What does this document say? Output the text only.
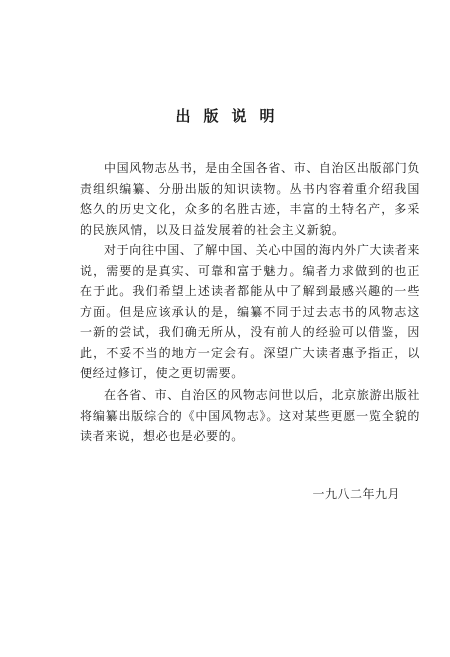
出版说明

中国风物志丛书，是由全国各省、市、自治区出版部门负责组织编纂、分册出版的知识读物。丛书内容着重介绍我国悠久的历史文化，众多的名胜古迹，丰富的土特名产，多采的民族风情，以及日益发展着的社会主义新貌。

对于向往中国、了解中国、关心中国的海内外广大读者来说，需要的是真实、可靠和富于魅力。编者力求做到的也正在于此。我们希望上述读者都能从中了解到最感兴趣的一些方面。但是应该承认的是，编纂不同于过去志书的风物志这一新的尝试，我们确无所从，没有前人的经验可以借鉴，因此，不妥不当的地方一定会有。深望广大读者惠予指正，以便经过修订，使之更切需要。

在各省、市、自治区的风物志问世以后，北京旅游出版社将编纂出版综合的《中国风物志》。这对某些更愿一览全貌的读者来说，想必也是必要的。

一九八二年九月
